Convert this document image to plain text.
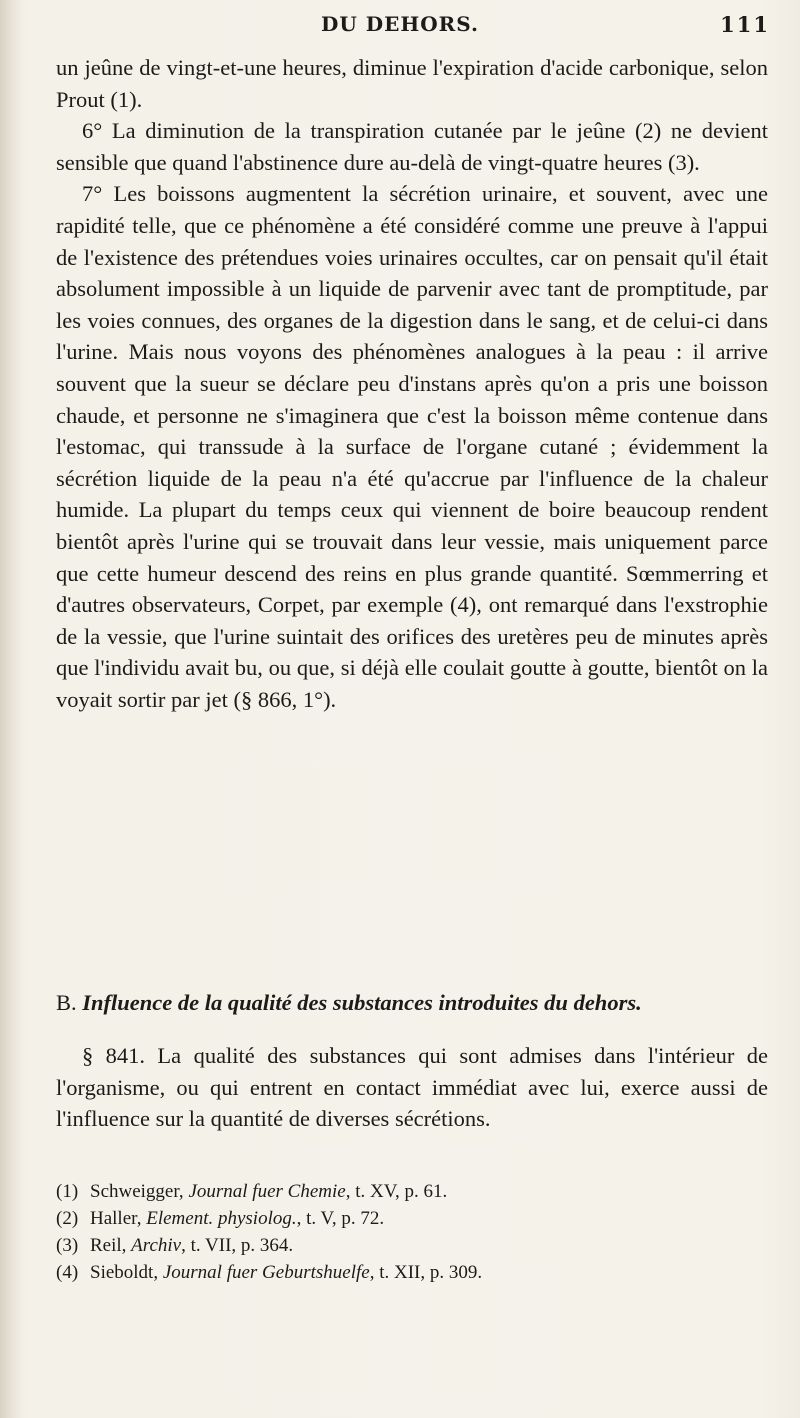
DU DEHORS.	111

un jeûne de vingt-et-une heures, diminue l'expiration d'acide carbonique, selon Prout (1).

6° La diminution de la transpiration cutanée par le jeûne (2) ne devient sensible que quand l'abstinence dure au-delà de vingt-quatre heures (3).

7° Les boissons augmentent la sécrétion urinaire, et souvent, avec une rapidité telle, que ce phénomène a été considéré comme une preuve à l'appui de l'existence des prétendues voies urinaires occultes, car on pensait qu'il était absolument impossible à un liquide de parvenir avec tant de promptitude, par les voies connues, des organes de la digestion dans le sang, et de celui-ci dans l'urine. Mais nous voyons des phénomènes analogues à la peau : il arrive souvent que la sueur se déclare peu d'instans après qu'on a pris une boisson chaude, et personne ne s'imaginera que c'est la boisson même contenue dans l'estomac, qui transsude à la surface de l'organe cutané ; évidemment la sécrétion liquide de la peau n'a été qu'accrue par l'influence de la chaleur humide. La plupart du temps ceux qui viennent de boire beaucoup rendent bientôt après l'urine qui se trouvait dans leur vessie, mais uniquement parce que cette humeur descend des reins en plus grande quantité. Sœmmerring et d'autres observateurs, Corpet, par exemple (4), ont remarqué dans l'exstrophie de la vessie, que l'urine suintait des orifices des uretères peu de minutes après que l'individu avait bu, ou que, si déjà elle coulait goutte à goutte, bientôt on la voyait sortir par jet (§ 866, 1°).

B. Influence de la qualité des substances introduites du dehors.

§ 841. La qualité des substances qui sont admises dans l'intérieur de l'organisme, ou qui entrent en contact immédiat avec lui, exerce aussi de l'influence sur la quantité de diverses sécrétions.

(1) Schweigger, Journal fuer Chemie, t. XV, p. 61.
(2) Haller, Element. physiolog., t. V, p. 72.
(3) Reil, Archiv, t. VII, p. 364.
(4) Sieboldt, Journal fuer Geburtshuelfe, t. XII, p. 309.
